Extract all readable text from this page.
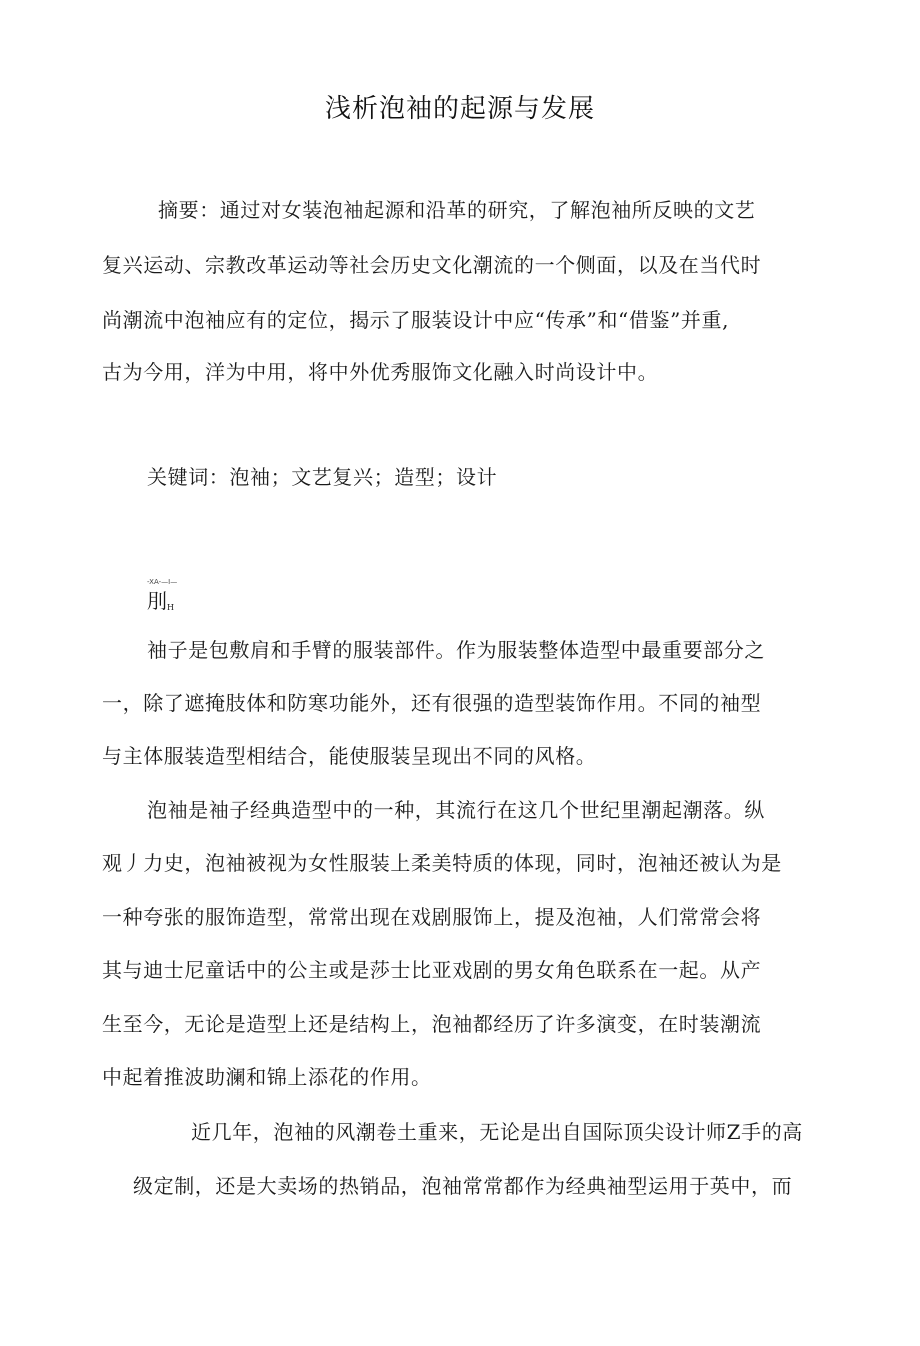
浅析泡袖的起源与发展
摘要：通过对女装泡袖起源和沿革的研究，了解泡袖所反映的文艺
复兴运动、宗教改革运动等社会历史文化潮流的一个侧面，以及在当代时
尚潮流中泡袖应有的定位，揭示了服装设计中应“传承”和“借鉴”并重,
古为今用，洋为中用，将中外优秀服饰文化融入时尚设计中。
关键词：泡袖；文艺复兴；造型；设计
-XA-—I—
刖$_H$
袖子是包敷肩和手臂的服装部件。作为服装整体造型中最重要部分之
一，除了遮掩肢体和防寒功能外，还有很强的造型装饰作用。不同的袖型
与主体服装造型相结合，能使服装呈现出不同的风格。
泡袖是袖子经典造型中的一种，其流行在这几个世纪里潮起潮落。纵
观丿力史，泡袖被视为女性服装上柔美特质的体现，同时，泡袖还被认为是
一种夸张的服饰造型，常常出现在戏剧服饰上，提及泡袖，人们常常会将
其与迪士尼童话中的公主或是莎士比亚戏剧的男女角色联系在一起。从产
生至今，无论是造型上还是结构上，泡袖都经历了许多演变，在时装潮流
中起着推波助澜和锦上添花的作用。
近几年，泡袖的风潮卷土重来，无论是出自国际顶尖设计师Z手的高
级定制，还是大卖场的热销品，泡袖常常都作为经典袖型运用于英中，而
